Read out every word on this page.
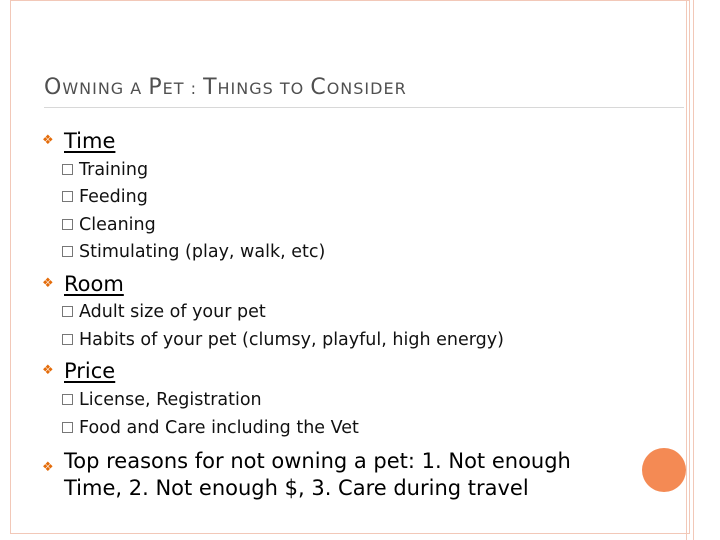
OWNING A PET : THINGS TO CONSIDER
❖ Time
Training
Feeding
Cleaning
Stimulating (play, walk, etc)
❖ Room
Adult size of your pet
Habits of your pet (clumsy, playful, high energy)
❖ Price
License, Registration
Food and Care including the Vet
❖ Top reasons for not owning a pet: 1. Not enough
Time, 2. Not enough $, 3. Care during travel
